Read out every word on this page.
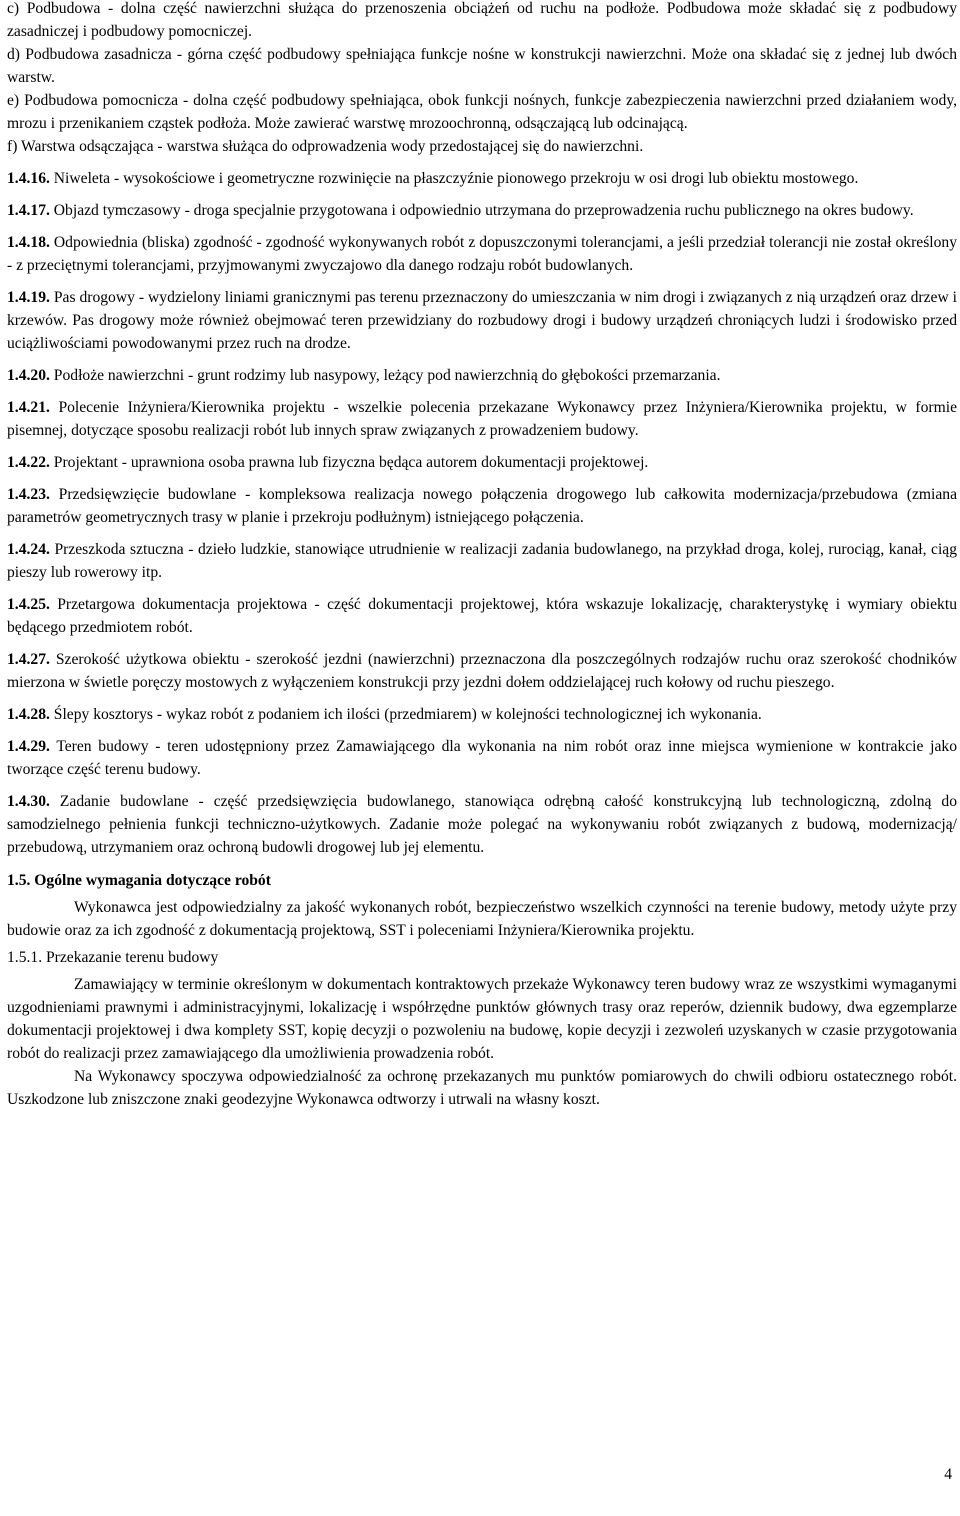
c) Podbudowa - dolna część nawierzchni służąca do przenoszenia obciążeń od ruchu na podłoże. Podbudowa może składać się z podbudowy zasadniczej i podbudowy pomocniczej.

d) Podbudowa zasadnicza - górna część podbudowy spełniająca funkcje nośne w konstrukcji nawierzchni. Może ona składać się z jednej lub dwóch warstw.

e) Podbudowa pomocnicza - dolna część podbudowy spełniająca, obok funkcji nośnych, funkcje zabezpieczenia nawierzchni przed działaniem wody, mrozu i przenikaniem cząstek podłoża. Może zawierać warstwę mrozoochronną, odsączającą lub odcinającą.

f) Warstwa odsączająca - warstwa służąca do odprowadzenia wody przedostającej się do nawierzchni.

1.4.16. Niweleta - wysokościowe i geometryczne rozwinięcie na płaszczyźnie pionowego przekroju w osi drogi lub obiektu mostowego.

1.4.17. Objazd tymczasowy - droga specjalnie przygotowana i odpowiednio utrzymana do przeprowadzenia ruchu publicznego na okres budowy.

1.4.18. Odpowiednia (bliska) zgodność - zgodność wykonywanych robót z dopuszczonymi tolerancjami, a jeśli przedział tolerancji nie został określony - z przeciętnymi tolerancjami, przyjmowanymi zwyczajowo dla danego rodzaju robót budowlanych.

1.4.19. Pas drogowy - wydzielony liniami granicznymi pas terenu przeznaczony do umieszczania w nim drogi i związanych z nią urządzeń oraz drzew i krzewów. Pas drogowy może również obejmować teren przewidziany do rozbudowy drogi i budowy urządzeń chroniących ludzi i środowisko przed uciążliwościami powodowanymi przez ruch na drodze.

1.4.20. Podłoże nawierzchni - grunt rodzimy lub nasypowy, leżący pod nawierzchnią do głębokości przemarzania.

1.4.21. Polecenie Inżyniera/Kierownika projektu - wszelkie polecenia przekazane Wykonawcy przez Inżyniera/Kierownika projektu, w formie pisemnej, dotyczące sposobu realizacji robót lub innych spraw związanych z prowadzeniem budowy.

1.4.22. Projektant - uprawniona osoba prawna lub fizyczna będąca autorem dokumentacji projektowej.

1.4.23. Przedsięwzięcie budowlane - kompleksowa realizacja nowego połączenia drogowego lub całkowita modernizacja/przebudowa (zmiana parametrów geometrycznych trasy w planie i przekroju podłużnym) istniejącego połączenia.

1.4.24. Przeszkoda sztuczna - dzieło ludzkie, stanowiące utrudnienie w realizacji zadania budowlanego, na przykład droga, kolej, rurociąg, kanał, ciąg pieszy lub rowerowy itp.

1.4.25. Przetargowa dokumentacja projektowa - część dokumentacji projektowej, która wskazuje lokalizację, charakterystykę i wymiary obiektu będącego przedmiotem robót.

1.4.27. Szerokość użytkowa obiektu - szerokość jezdni (nawierzchni) przeznaczona dla poszczególnych rodzajów ruchu oraz szerokość chodników mierzona w świetle poręczy mostowych z wyłączeniem konstrukcji przy jezdni dołem oddzielającej ruch kołowy od ruchu pieszego.

1.4.28. Ślepy kosztorys - wykaz robót z podaniem ich ilości (przedmiarem) w kolejności technologicznej ich wykonania.

1.4.29. Teren budowy - teren udostępniony przez Zamawiającego dla wykonania na nim robót oraz inne miejsca wymienione w kontrakcie jako tworzące część terenu budowy.

1.4.30. Zadanie budowlane - część przedsięwzięcia budowlanego, stanowiąca odrębną całość konstrukcyjną lub technologiczną, zdolną do samodzielnego pełnienia funkcji techniczno-użytkowych. Zadanie może polegać na wykonywaniu robót związanych z budową, modernizacją/ przebudową, utrzymaniem oraz ochroną budowli drogowej lub jej elementu.

1.5. Ogólne wymagania dotyczące robót

Wykonawca jest odpowiedzialny za jakość wykonanych robót, bezpieczeństwo wszelkich czynności na terenie budowy, metody użyte przy budowie oraz za ich zgodność z dokumentacją projektową, SST i poleceniami Inżyniera/Kierownika projektu.

1.5.1. Przekazanie terenu budowy

Zamawiający w terminie określonym w dokumentach kontraktowych przekaże Wykonawcy teren budowy wraz ze wszystkimi wymaganymi uzgodnieniami prawnymi i administracyjnymi, lokalizację i współrzędne punktów głównych trasy oraz reperów, dziennik budowy, dwa egzemplarze dokumentacji projektowej i dwa komplety SST, kopię decyzji o pozwoleniu na budowę, kopie decyzji i zezwoleń uzyskanych w czasie przygotowania robót do realizacji przez zamawiającego dla umożliwienia prowadzenia robót.

Na Wykonawcy spoczywa odpowiedzialność za ochronę przekazanych mu punktów pomiarowych do chwili odbioru ostatecznego robót. Uszkodzone lub zniszczone znaki geodezyjne Wykonawca odtworzy i utrwali na własny koszt.

4
